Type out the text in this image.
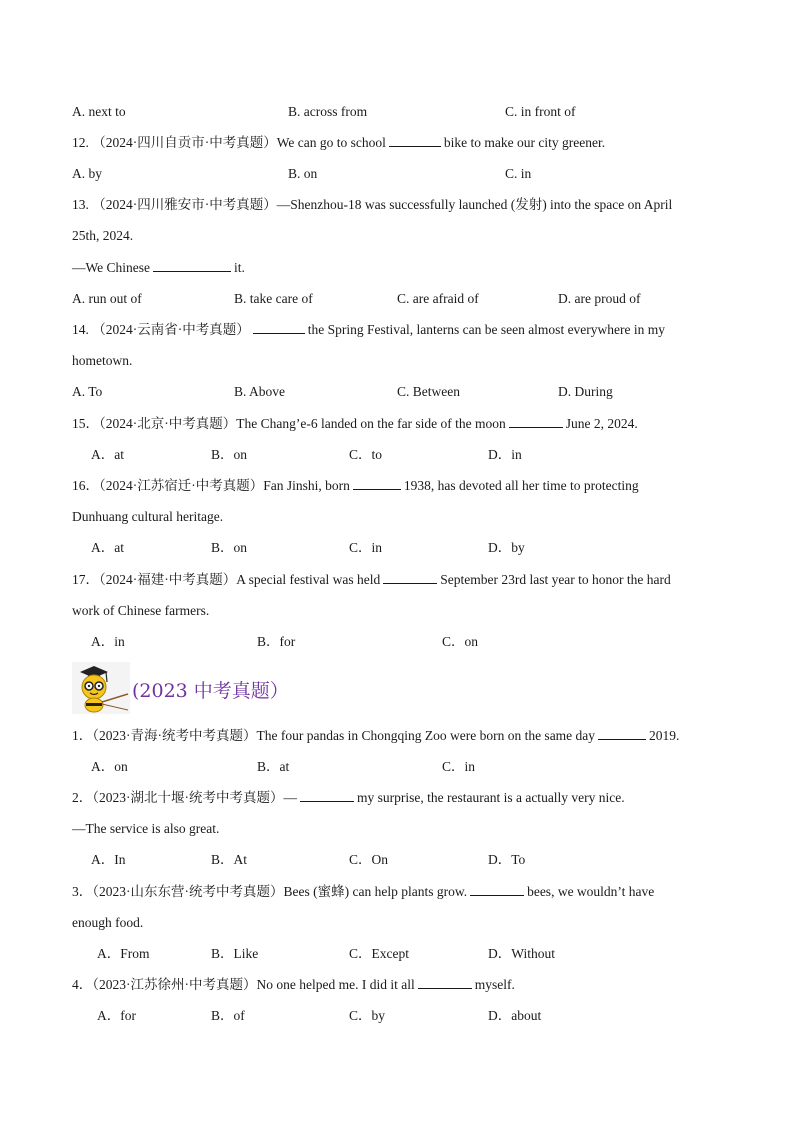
A. next to	B. across from	C. in front of
12. （2024·四川自贡市·中考真题）We can go to school	bike to make our city greener.
A. by	B. on	C. in
13. （2024·四川雅安市·中考真题）—Shenzhou-18 was successfully launched (发射) into the space on April
25th, 2024.
—We Chinese	it.
A. run out of	B. take care of	C. are afraid of	D. are proud of
14. （2024·云南省·中考真题）	the Spring Festival, lanterns can be seen almost everywhere in my
hometown.
A. To	B. Above	C. Between	D. During
15．（2024·北京·中考真题）The Chang’e-6 landed on the far side of the moon	June 2, 2024.
A．at	B．on	C．to	D．in
16．（2024·江苏宿迁·中考真题）Fan Jinshi, born	1938, has devoted all her time to protecting
Dunhuang cultural heritage.
A．at	B．on	C．in	D．by
17．（2024·福建·中考真题）A special festival was held	September 23rd last year to honor the hard
work of Chinese farmers.
A．in	B．for	C．on
(2023 中考真题）
1．（2023·青海·统考中考真题）The four pandas in Chongqing Zoo were born on the same day	2019.
A．on	B．at	C．in
2．（2023·湖北十堰·统考中考真题）—	my surprise, the restaurant is a actually very nice.
—The service is also great.
A．In	B．At	C．On	D．To
3．（2023·山东东营·统考中考真题）Bees (蜜蜂) can help plants grow.	bees, we wouldn’t have
enough food.
A．From	B．Like	C．Except	D．Without
4．（2023·江苏徐州·中考真题）No one helped me. I did it all	myself.
A．for	B．of	C．by	D．about
